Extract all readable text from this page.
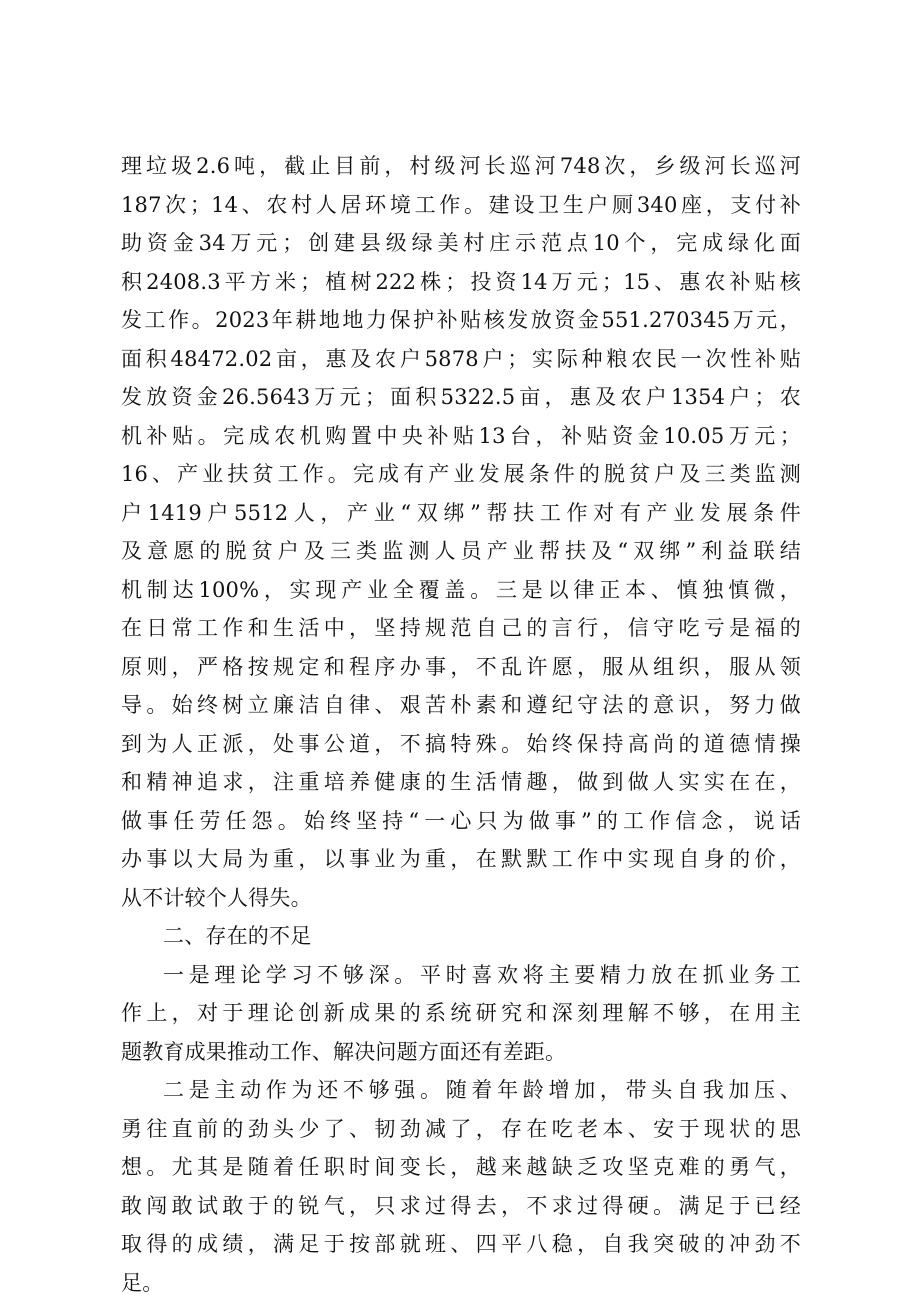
理垃圾2.6吨，截止目前，村级河长巡河748次，乡级河长巡河
187次；14、农村人居环境工作。建设卫生户厕340座，支付补
助资金34万元；创建县级绿美村庄示范点10个，完成绿化面
积2408.3平方米；植树222株；投资14万元；15、惠农补贴核
发工作。2023年耕地地力保护补贴核发放资金551.270345万元，
面积48472.02亩，惠及农户5878户；实际种粮农民一次性补贴
发放资金26.5643万元；面积5322.5亩，惠及农户1354户；农
机补贴。完成农机购置中央补贴13台，补贴资金10.05万元；
16、产业扶贫工作。完成有产业发展条件的脱贫户及三类监测
户1419户5512人，产业“双绑”帮扶工作对有产业发展条件
及意愿的脱贫户及三类监测人员产业帮扶及“双绑”利益联结
机制达100%，实现产业全覆盖。三是以律正本、慎独慎微，
在日常工作和生活中，坚持规范自己的言行，信守吃亏是福的
原则，严格按规定和程序办事，不乱许愿，服从组织，服从领
导。始终树立廉洁自律、艰苦朴素和遵纪守法的意识，努力做
到为人正派，处事公道，不搞特殊。始终保持高尚的道德情操
和精神追求，注重培养健康的生活情趣，做到做人实实在在，
做事任劳任怨。始终坚持“一心只为做事”的工作信念，说话
办事以大局为重，以事业为重，在默默工作中实现自身的价，
从不计较个人得失。
二、存在的不足
一是理论学习不够深。平时喜欢将主要精力放在抓业务工
作上，对于理论创新成果的系统研究和深刻理解不够，在用主
题教育成果推动工作、解决问题方面还有差距。
二是主动作为还不够强。随着年龄增加，带头自我加压、
勇往直前的劲头少了、韧劲减了，存在吃老本、安于现状的思
想。尤其是随着任职时间变长，越来越缺乏攻坚克难的勇气，
敢闯敢试敢于的锐气，只求过得去，不求过得硬。满足于已经
取得的成绩，满足于按部就班、四平八稳，自我突破的冲劲不
足。
